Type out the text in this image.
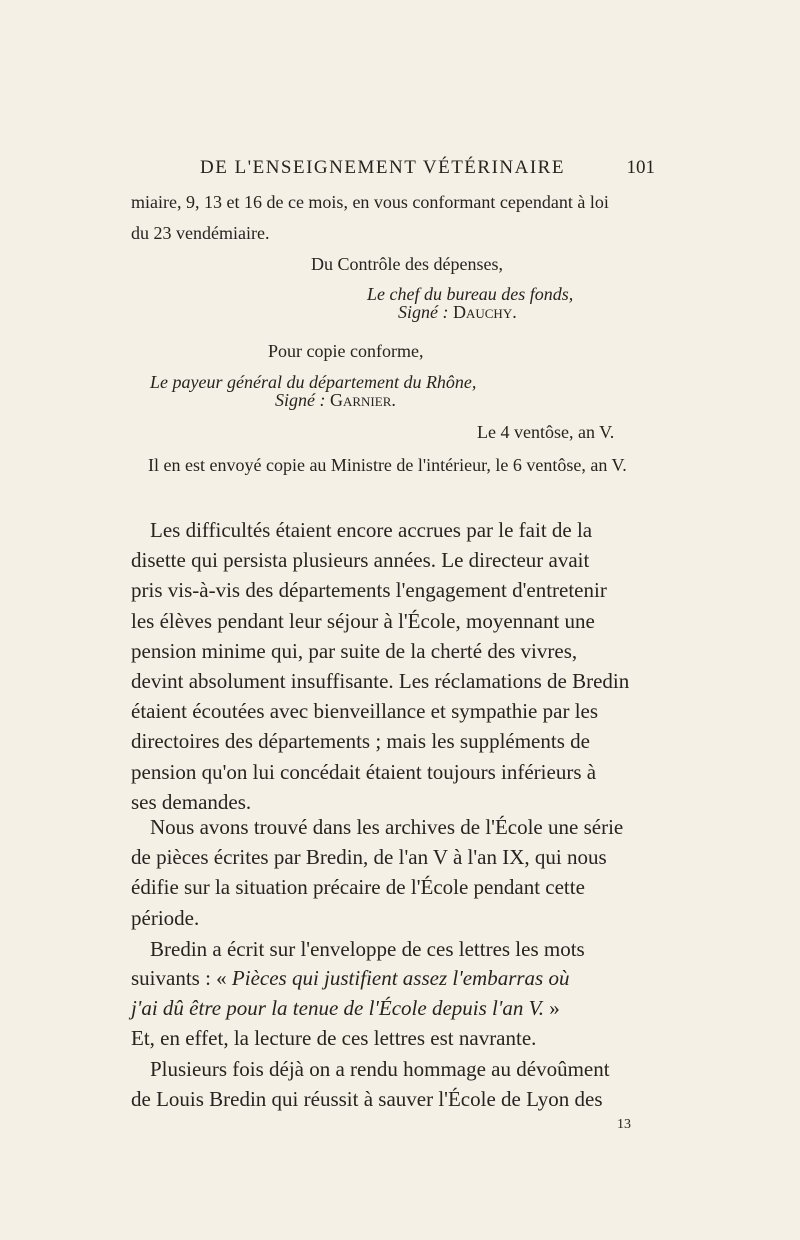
DE L'ENSEIGNEMENT VÉTÉRINAIRE	101
miaire, 9, 13 et 16 de ce mois, en vous conformant cependant à loi
du 23 vendémiaire.
Du Contrôle des dépenses,
Le chef du bureau des fonds,
Signé : Dauchy.
Pour copie conforme,
Le payeur général du département du Rhône,
Signé : Garnier.
Le 4 ventôse, an V.
Il en est envoyé copie au Ministre de l'intérieur, le 6 ventôse, an V.
Les difficultés étaient encore accrues par le fait de la
disette qui persista plusieurs années. Le directeur avait
pris vis-à-vis des départements l'engagement d'entretenir
les élèves pendant leur séjour à l'École, moyennant une
pension minime qui, par suite de la cherté des vivres,
devint absolument insuffisante. Les réclamations de Bredin
étaient écoutées avec bienveillance et sympathie par les
directoires des départements ; mais les suppléments de
pension qu'on lui concédait étaient toujours inférieurs à
ses demandes.
Nous avons trouvé dans les archives de l'École une série
de pièces écrites par Bredin, de l'an V à l'an IX, qui nous
édifie sur la situation précaire de l'École pendant cette
période.
Bredin a écrit sur l'enveloppe de ces lettres les mots
suivants : « Pièces qui justifient assez l'embarras où
j'ai dû être pour la tenue de l'École depuis l'an V. »
Et, en effet, la lecture de ces lettres est navrante.
Plusieurs fois déjà on a rendu hommage au dévoûment
de Louis Bredin qui réussit à sauver l'École de Lyon des
13
